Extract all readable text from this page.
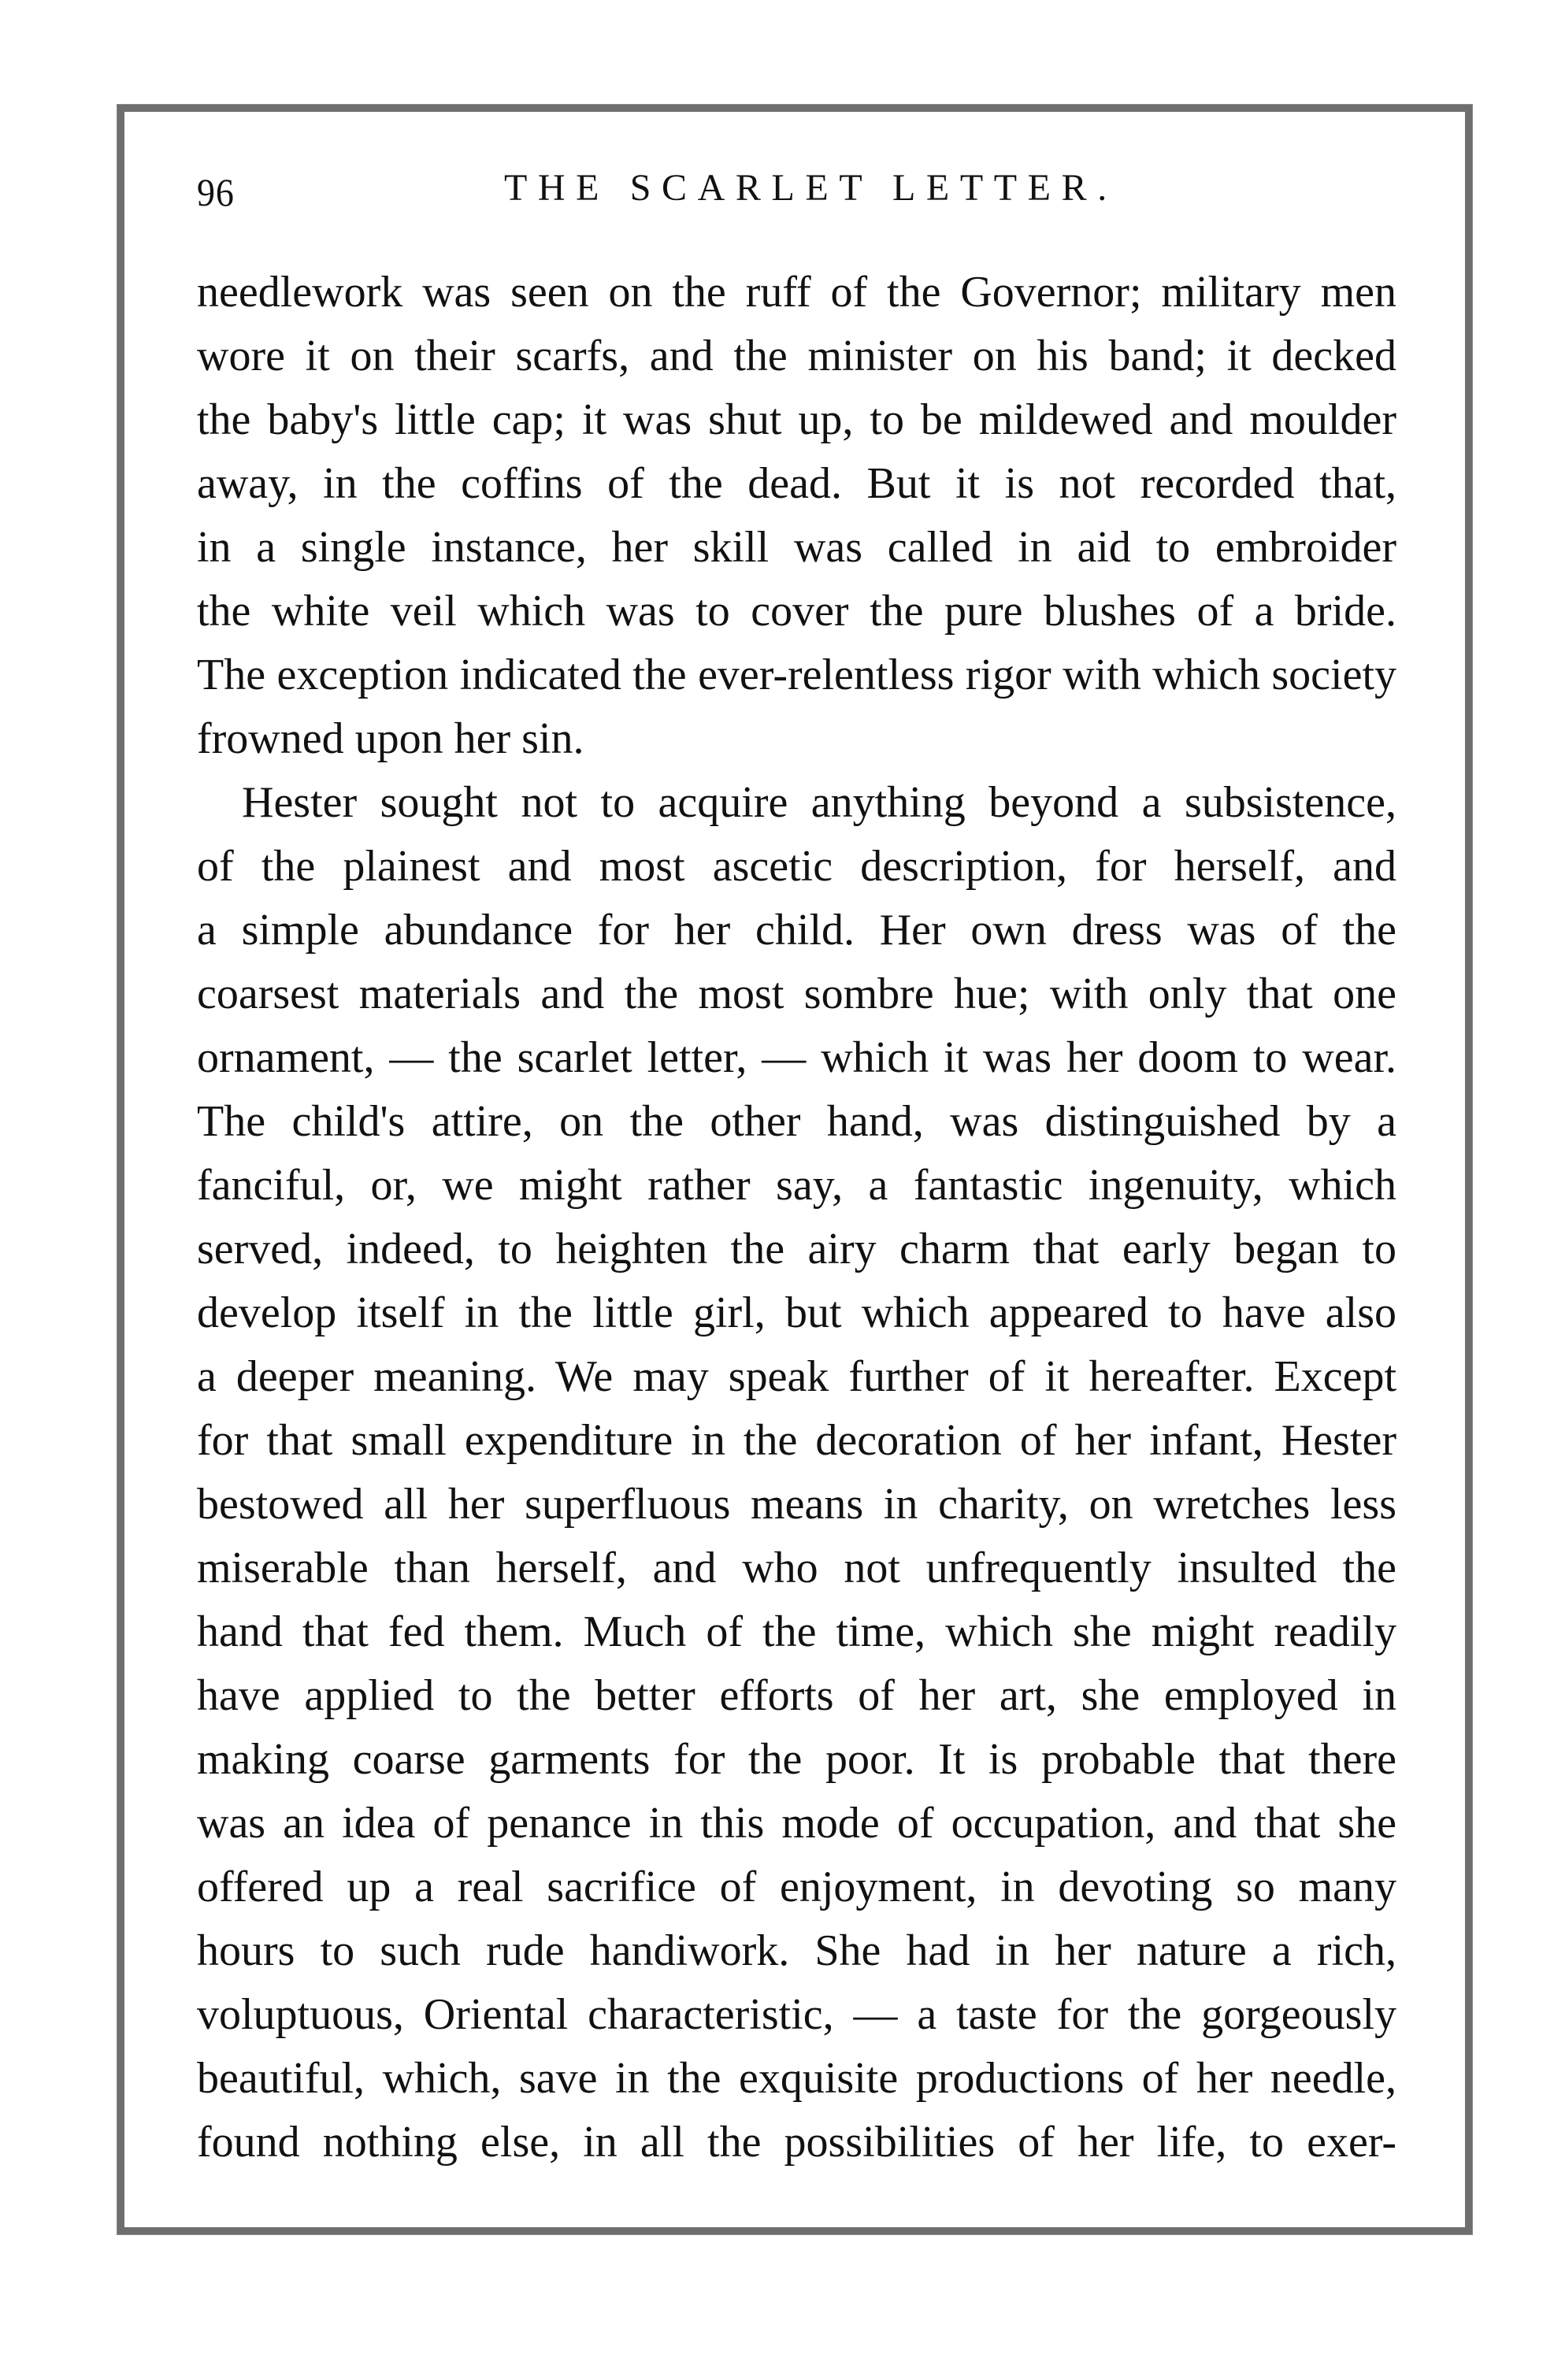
96	THE SCARLET LETTER.
needlework was seen on the ruff of the Governor; military men
wore it on their scarfs, and the minister on his band; it decked
the baby's little cap; it was shut up, to be mildewed and moulder
away, in the coffins of the dead. But it is not recorded that,
in a single instance, her skill was called in aid to embroider
the white veil which was to cover the pure blushes of a bride.
The exception indicated the ever-relentless rigor with which society
frowned upon her sin.
Hester sought not to acquire anything beyond a subsistence,
of the plainest and most ascetic description, for herself, and
a simple abundance for her child. Her own dress was of the
coarsest materials and the most sombre hue; with only that one
ornament, — the scarlet letter, — which it was her doom to wear.
The child's attire, on the other hand, was distinguished by a
fanciful, or, we might rather say, a fantastic ingenuity, which
served, indeed, to heighten the airy charm that early began to
develop itself in the little girl, but which appeared to have also
a deeper meaning. We may speak further of it hereafter. Except
for that small expenditure in the decoration of her infant, Hester
bestowed all her superfluous means in charity, on wretches less
miserable than herself, and who not unfrequently insulted the
hand that fed them. Much of the time, which she might readily
have applied to the better efforts of her art, she employed in
making coarse garments for the poor. It is probable that there
was an idea of penance in this mode of occupation, and that she
offered up a real sacrifice of enjoyment, in devoting so many
hours to such rude handiwork. She had in her nature a rich,
voluptuous, Oriental characteristic, — a taste for the gorgeously
beautiful, which, save in the exquisite productions of her needle,
found nothing else, in all the possibilities of her life, to exer-
